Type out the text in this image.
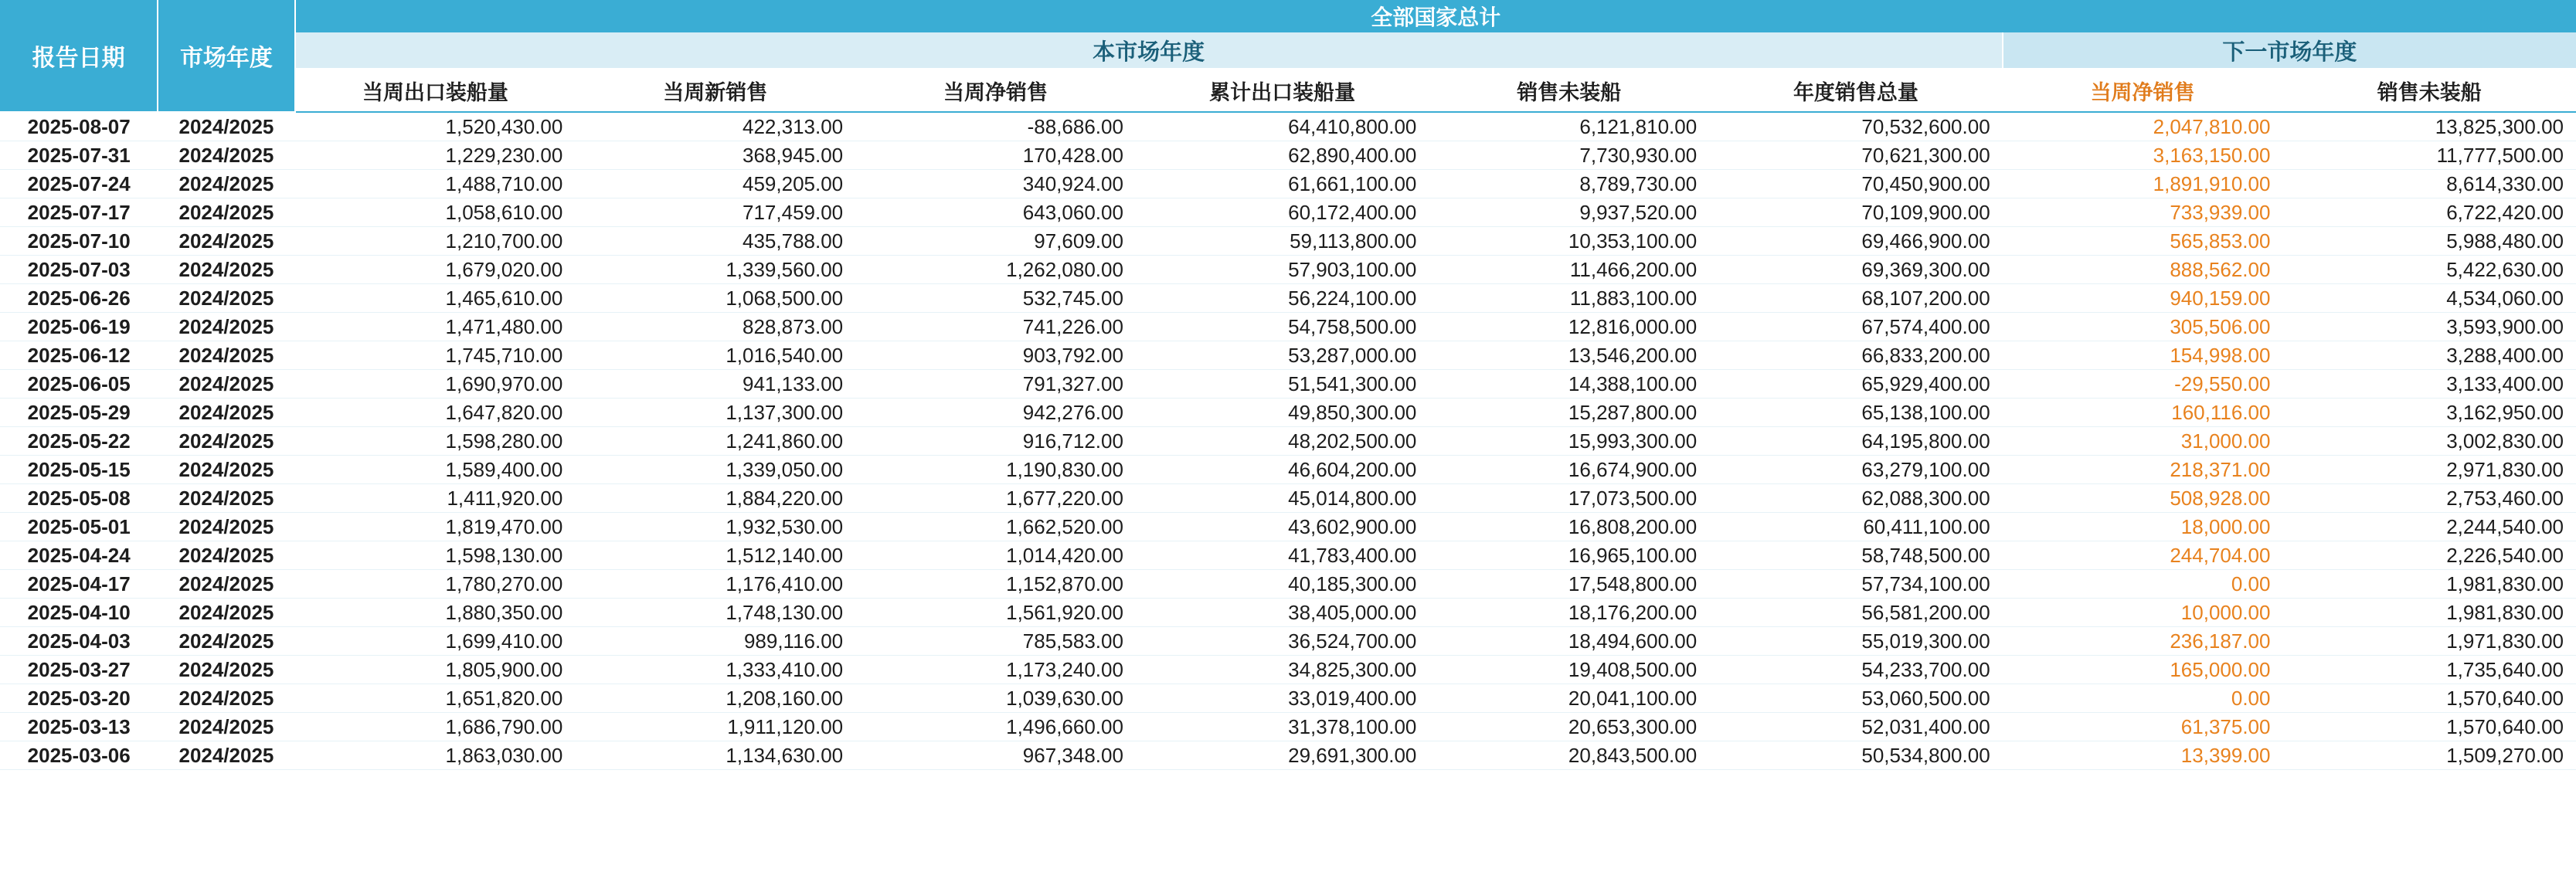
报告日期	市场年度	全部国家总计							
		本市场年度						下一市场年度	
		当周出口装船量	当周新销售	当周净销售	累计出口装船量	销售未装船	年度销售总量	当周净销售	销售未装船
2025-08-07	2024/2025	1,520,430.00	422,313.00	-88,686.00	64,410,800.00	6,121,810.00	70,532,600.00	2,047,810.00	13,825,300.00
2025-07-31	2024/2025	1,229,230.00	368,945.00	170,428.00	62,890,400.00	7,730,930.00	70,621,300.00	3,163,150.00	11,777,500.00
2025-07-24	2024/2025	1,488,710.00	459,205.00	340,924.00	61,661,100.00	8,789,730.00	70,450,900.00	1,891,910.00	8,614,330.00
2025-07-17	2024/2025	1,058,610.00	717,459.00	643,060.00	60,172,400.00	9,937,520.00	70,109,900.00	733,939.00	6,722,420.00
2025-07-10	2024/2025	1,210,700.00	435,788.00	97,609.00	59,113,800.00	10,353,100.00	69,466,900.00	565,853.00	5,988,480.00
2025-07-03	2024/2025	1,679,020.00	1,339,560.00	1,262,080.00	57,903,100.00	11,466,200.00	69,369,300.00	888,562.00	5,422,630.00
2025-06-26	2024/2025	1,465,610.00	1,068,500.00	532,745.00	56,224,100.00	11,883,100.00	68,107,200.00	940,159.00	4,534,060.00
2025-06-19	2024/2025	1,471,480.00	828,873.00	741,226.00	54,758,500.00	12,816,000.00	67,574,400.00	305,506.00	3,593,900.00
2025-06-12	2024/2025	1,745,710.00	1,016,540.00	903,792.00	53,287,000.00	13,546,200.00	66,833,200.00	154,998.00	3,288,400.00
2025-06-05	2024/2025	1,690,970.00	941,133.00	791,327.00	51,541,300.00	14,388,100.00	65,929,400.00	-29,550.00	3,133,400.00
2025-05-29	2024/2025	1,647,820.00	1,137,300.00	942,276.00	49,850,300.00	15,287,800.00	65,138,100.00	160,116.00	3,162,950.00
2025-05-22	2024/2025	1,598,280.00	1,241,860.00	916,712.00	48,202,500.00	15,993,300.00	64,195,800.00	31,000.00	3,002,830.00
2025-05-15	2024/2025	1,589,400.00	1,339,050.00	1,190,830.00	46,604,200.00	16,674,900.00	63,279,100.00	218,371.00	2,971,830.00
2025-05-08	2024/2025	1,411,920.00	1,884,220.00	1,677,220.00	45,014,800.00	17,073,500.00	62,088,300.00	508,928.00	2,753,460.00
2025-05-01	2024/2025	1,819,470.00	1,932,530.00	1,662,520.00	43,602,900.00	16,808,200.00	60,411,100.00	18,000.00	2,244,540.00
2025-04-24	2024/2025	1,598,130.00	1,512,140.00	1,014,420.00	41,783,400.00	16,965,100.00	58,748,500.00	244,704.00	2,226,540.00
2025-04-17	2024/2025	1,780,270.00	1,176,410.00	1,152,870.00	40,185,300.00	17,548,800.00	57,734,100.00	0.00	1,981,830.00
2025-04-10	2024/2025	1,880,350.00	1,748,130.00	1,561,920.00	38,405,000.00	18,176,200.00	56,581,200.00	10,000.00	1,981,830.00
2025-04-03	2024/2025	1,699,410.00	989,116.00	785,583.00	36,524,700.00	18,494,600.00	55,019,300.00	236,187.00	1,971,830.00
2025-03-27	2024/2025	1,805,900.00	1,333,410.00	1,173,240.00	34,825,300.00	19,408,500.00	54,233,700.00	165,000.00	1,735,640.00
2025-03-20	2024/2025	1,651,820.00	1,208,160.00	1,039,630.00	33,019,400.00	20,041,100.00	53,060,500.00	0.00	1,570,640.00
2025-03-13	2024/2025	1,686,790.00	1,911,120.00	1,496,660.00	31,378,100.00	20,653,300.00	52,031,400.00	61,375.00	1,570,640.00
2025-03-06	2024/2025	1,863,030.00	1,134,630.00	967,348.00	29,691,300.00	20,843,500.00	50,534,800.00	13,399.00	1,509,270.00
